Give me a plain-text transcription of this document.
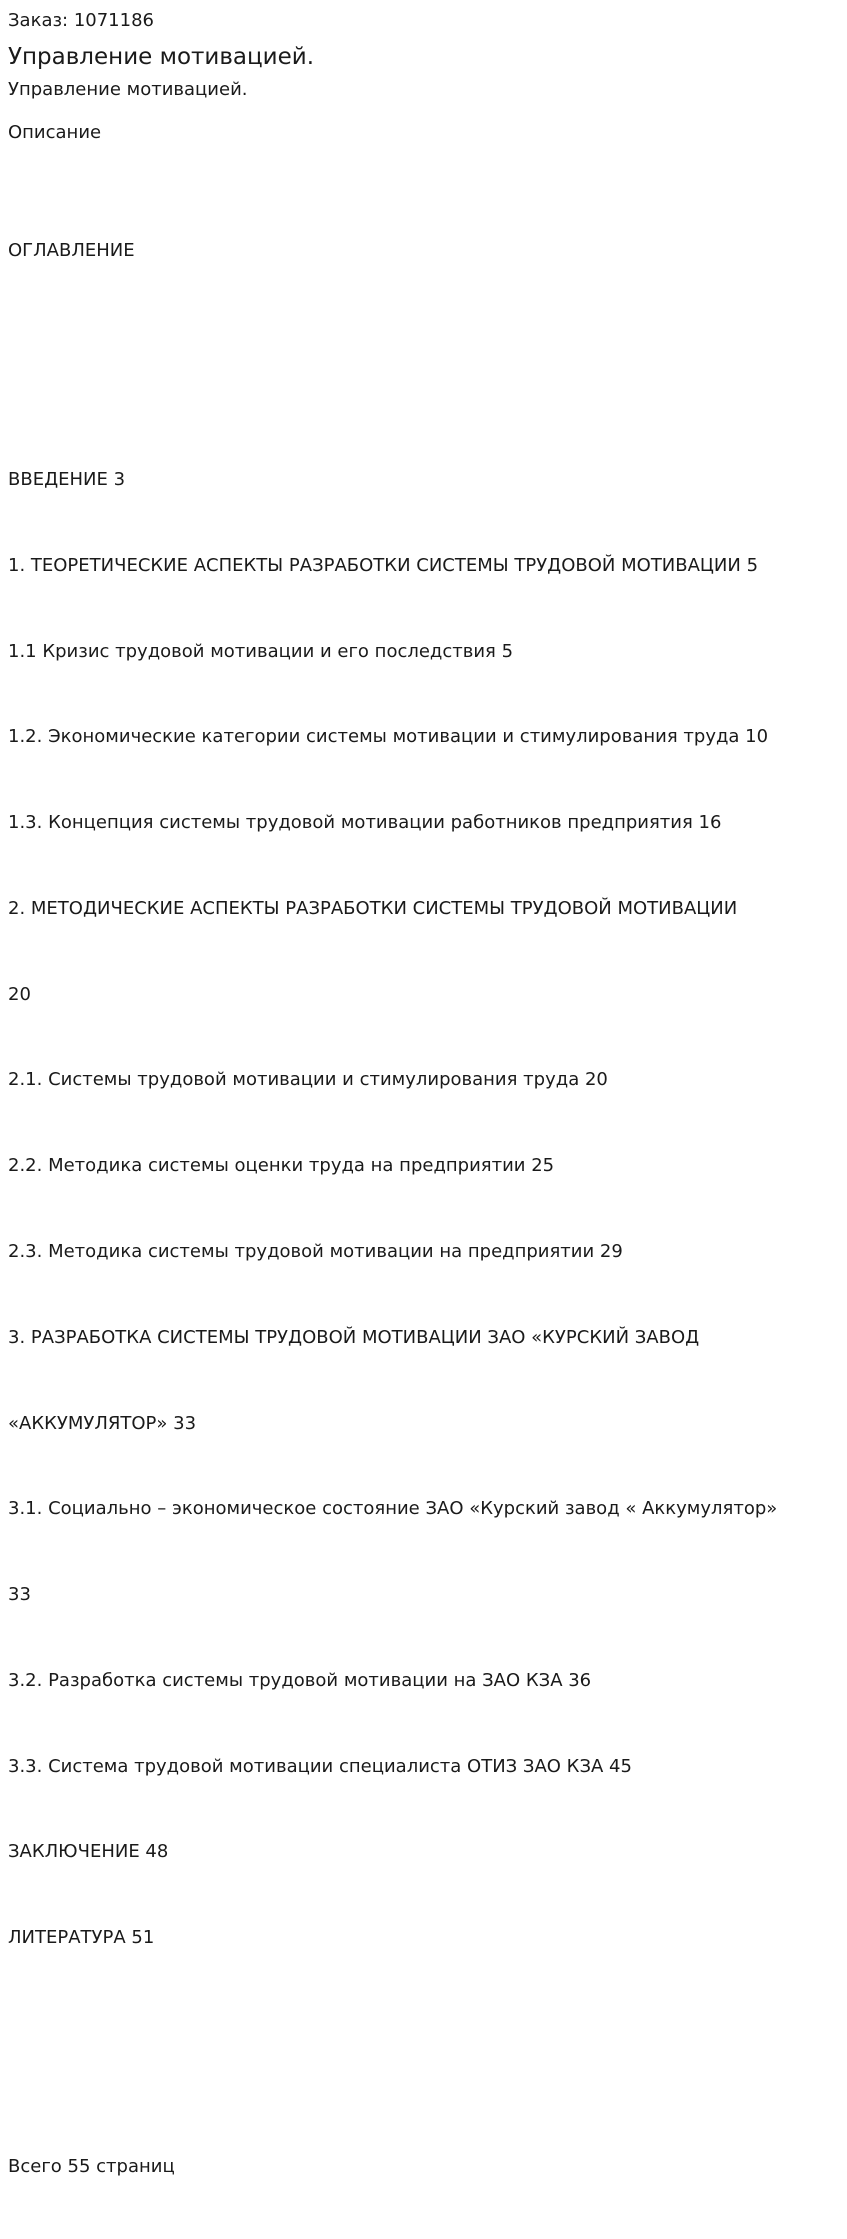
Заказ: 1071186

Управление мотивацией.

Управление мотивацией.

Описание

ОГЛАВЛЕНИЕ

ВВЕДЕНИЕ 3

1. ТЕОРЕТИЧЕСКИЕ АСПЕКТЫ РАЗРАБОТКИ СИСТЕМЫ ТРУДОВОЙ МОТИВАЦИИ 5

1.1 Кризис трудовой мотивации и его последствия 5

1.2. Экономические категории системы мотивации и стимулирования труда 10

1.3. Концепция системы трудовой мотивации работников предприятия 16

2. МЕТОДИЧЕСКИЕ АСПЕКТЫ РАЗРАБОТКИ СИСТЕМЫ ТРУДОВОЙ МОТИВАЦИИ

20

2.1. Системы трудовой мотивации и стимулирования труда 20

2.2. Методика системы оценки труда на предприятии 25

2.3. Методика системы трудовой мотивации на предприятии 29

3. РАЗРАБОТКА СИСТЕМЫ ТРУДОВОЙ МОТИВАЦИИ ЗАО «КУРСКИЙ ЗАВОД

«АККУМУЛЯТОР» 33

3.1. Социально – экономическое состояние ЗАО «Курский завод « Аккумулятор»

33

3.2. Разработка системы трудовой мотивации на ЗАО КЗА 36

3.3. Система трудовой мотивации специалиста ОТИЗ ЗАО КЗА 45

ЗАКЛЮЧЕНИЕ 48

ЛИТЕРАТУРА 51

Всего 55 страниц
